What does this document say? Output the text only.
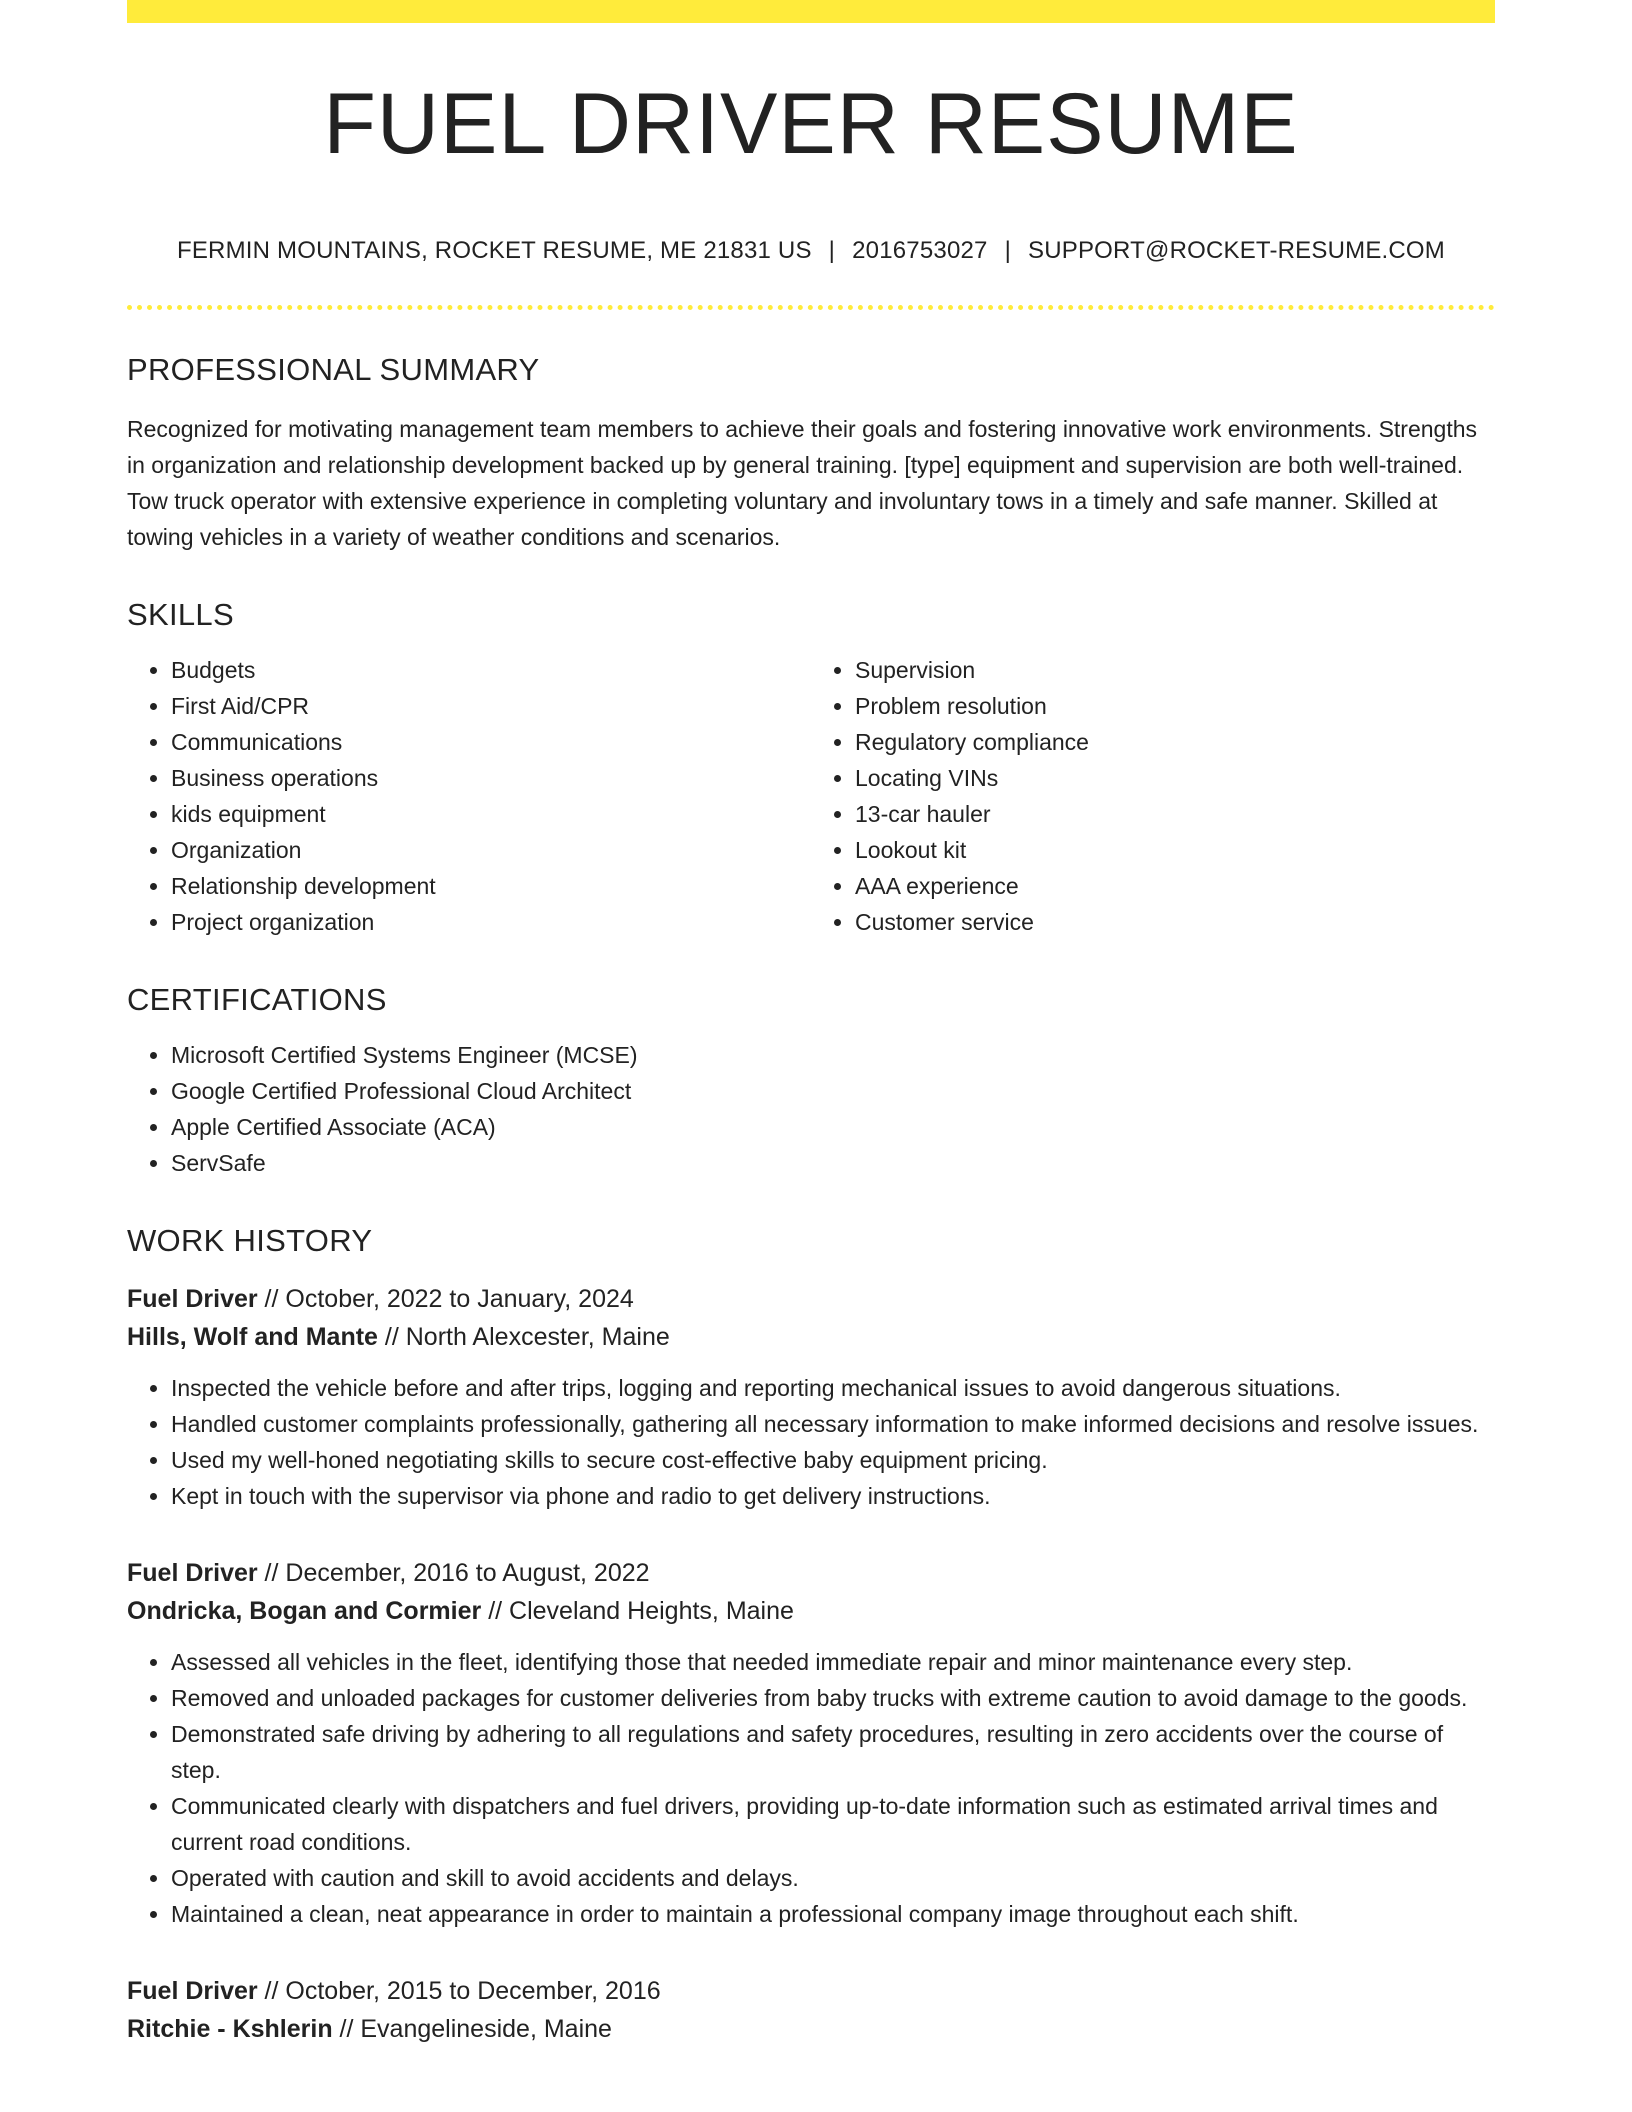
FUEL DRIVER RESUME
FERMIN MOUNTAINS, ROCKET RESUME, ME 21831 US | 2016753027 | SUPPORT@ROCKET-RESUME.COM
PROFESSIONAL SUMMARY
Recognized for motivating management team members to achieve their goals and fostering innovative work environments. Strengths in organization and relationship development backed up by general training. [type] equipment and supervision are both well-trained. Tow truck operator with extensive experience in completing voluntary and involuntary tows in a timely and safe manner. Skilled at towing vehicles in a variety of weather conditions and scenarios.
SKILLS
• Budgets
• First Aid/CPR
• Communications
• Business operations
• kids equipment
• Organization
• Relationship development
• Project organization
• Supervision
• Problem resolution
• Regulatory compliance
• Locating VINs
• 13-car hauler
• Lookout kit
• AAA experience
• Customer service
CERTIFICATIONS
• Microsoft Certified Systems Engineer (MCSE)
• Google Certified Professional Cloud Architect
• Apple Certified Associate (ACA)
• ServSafe
WORK HISTORY
Fuel Driver // October, 2022 to January, 2024
Hills, Wolf and Mante // North Alexcester, Maine
• Inspected the vehicle before and after trips, logging and reporting mechanical issues to avoid dangerous situations.
• Handled customer complaints professionally, gathering all necessary information to make informed decisions and resolve issues.
• Used my well-honed negotiating skills to secure cost-effective baby equipment pricing.
• Kept in touch with the supervisor via phone and radio to get delivery instructions.
Fuel Driver // December, 2016 to August, 2022
Ondricka, Bogan and Cormier // Cleveland Heights, Maine
• Assessed all vehicles in the fleet, identifying those that needed immediate repair and minor maintenance every step.
• Removed and unloaded packages for customer deliveries from baby trucks with extreme caution to avoid damage to the goods.
• Demonstrated safe driving by adhering to all regulations and safety procedures, resulting in zero accidents over the course of step.
• Communicated clearly with dispatchers and fuel drivers, providing up-to-date information such as estimated arrival times and current road conditions.
• Operated with caution and skill to avoid accidents and delays.
• Maintained a clean, neat appearance in order to maintain a professional company image throughout each shift.
Fuel Driver // October, 2015 to December, 2016
Ritchie - Kshlerin // Evangelineside, Maine
